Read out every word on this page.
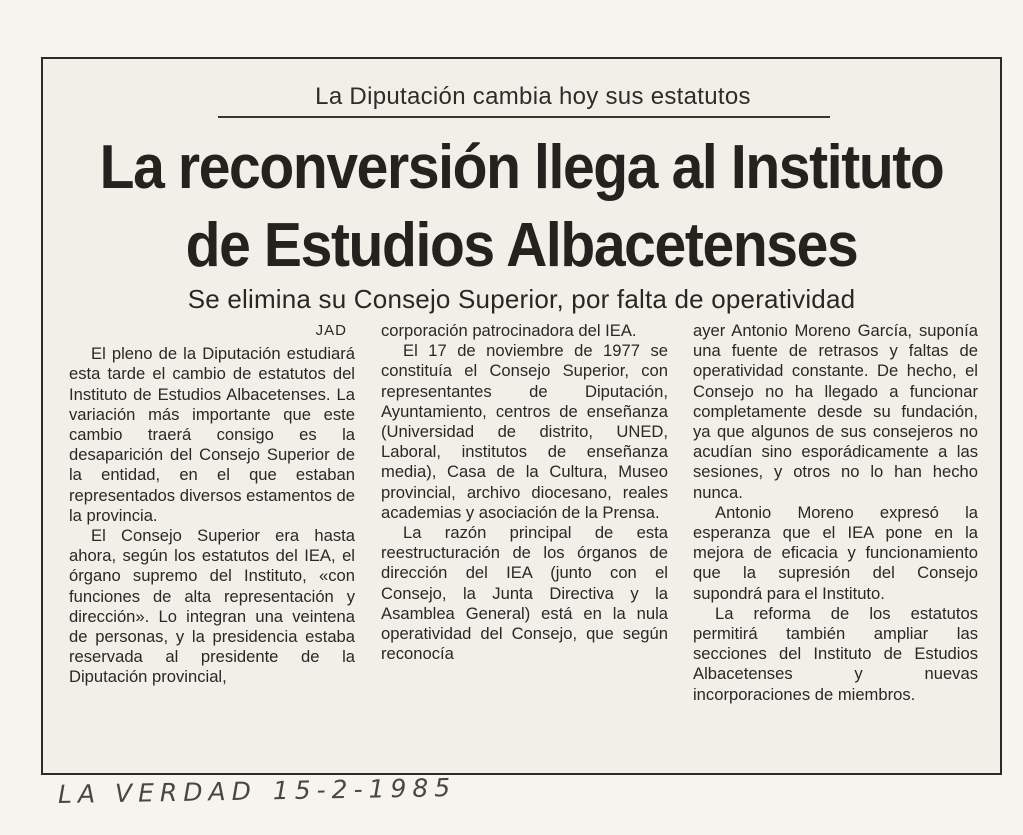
La Diputación cambia hoy sus estatutos
La reconversión llega al Instituto
de Estudios Albacetenses
Se elimina su Consejo Superior, por falta de operatividad
JAD

El pleno de la Diputación estudiará esta tarde el cambio de estatutos del Instituto de Estudios Albacetenses. La variación más importante que este cambio traerá consigo es la desaparición del Consejo Superior de la entidad, en el que estaban representados diversos estamentos de la provincia.

El Consejo Superior era hasta ahora, según los estatutos del IEA, el órgano supremo del Instituto, «con funciones de alta representación y dirección». Lo integran una veintena de personas, y la presidencia estaba reservada al presidente de la Diputación provincial,

corporación patrocinadora del IEA.

El 17 de noviembre de 1977 se constituía el Consejo Superior, con representantes de Diputación, Ayuntamiento, centros de enseñanza (Universidad de distrito, UNED, Laboral, institutos de enseñanza media), Casa de la Cultura, Museo provincial, archivo diocesano, reales academias y asociación de la Prensa.

La razón principal de esta reestructuración de los órganos de dirección del IEA (junto con el Consejo, la Junta Directiva y la Asamblea General) está en la nula operatividad del Consejo, que según reconocía

ayer Antonio Moreno García, suponía una fuente de retrasos y faltas de operatividad constante. De hecho, el Consejo no ha llegado a funcionar completamente desde su fundación, ya que algunos de sus consejeros no acudían sino esporádicamente a las sesiones, y otros no lo han hecho nunca.

Antonio Moreno expresó la esperanza que el IEA pone en la mejora de eficacia y funcionamiento que la supresión del Consejo supondrá para el Instituto.

La reforma de los estatutos permitirá también ampliar las secciones del Instituto de Estudios Albacetenses y nuevas incorporaciones de miembros.

LA VERDAD 15-2-1985
